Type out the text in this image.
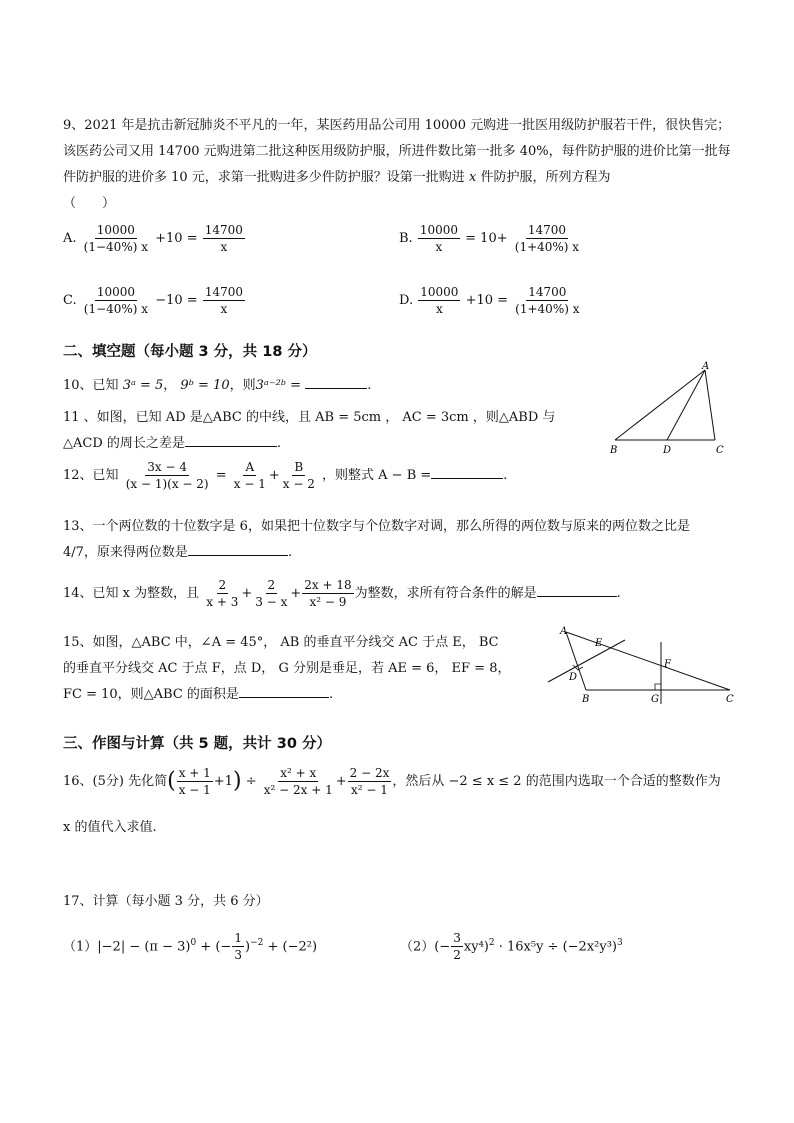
9、2021 年是抗击新冠肺炎不平凡的一年，某医药用品公司用 10000 元购进一批医用级防护服若干件，很快售完；该医药公司又用 14700 元购进第二批这种医用级防护服，所进件数比第一批多 40%，每件防护服的进价比第一批每件防护服的进价多 10 元，求第一批购进多少件防护服？设第一批购进 x 件防护服，所列方程为
（　　）
A. $\frac{10000}{(1-40\%) x} +10 = \frac{14700}{x}$	B. $\frac{10000}{x} = 10+ \frac{14700}{(1+40\%) x}$
C. $\frac{10000}{(1-40\%) x} -10 = \frac{14700}{x}$	D. $\frac{10000}{x} +10 = \frac{14700}{(1+40\%) x}$
二、填空题（每小题 3 分，共 18 分）
10、已知 3ᵃ = 5， 9ᵇ = 10，则3ᵃ⁻²ᵇ =	.
11 、如图，已知 AD 是△ABC 的中线，且 AB = 5cm ， AC = 3cm ，则△ABD 与
△ACD 的周长之差是	.
A
B	D	C
12、已知 $\frac{3x - 4}{(x - 1)(x - 2)} = \frac{A}{x - 1} + \frac{B}{x - 2}$ ，则整式 A − B =	.
13、一个两位数的十位数字是 6，如果把十位数字与个位数字对调，那么所得的两位数与原来的两位数之比是
4/7，原来得两位数是	.
14、已知 x 为整数，且 $\frac{2}{x + 3} + \frac{2}{3 - x} + \frac{2x + 18}{\text{x² − 9}}$ 为整数，求所有符合条件的解是	.
15、如图，△ABC 中，∠A = 45°， AB 的垂直平分线交 AC 于点 E， BC
的垂直平分线交 AC 于点 F，点 D， G 分别是垂足，若 AE = 6， EF = 8，
FC = 10，则△ABC 的面积是	.
A
E
D
F
B	G	C
三、作图与计算（共 5 题，共计 30 分）
16、(5分) 先化简( $\frac{x + 1}{x - 1} +1) \div \frac{\text{x² + x}}{\text{x² − 2x + 1}} + \frac{2 - 2x}{\text{x² − 1}}$ ，然后从 −2 ≤ x ≤ 2 的范围内选取一个合适的整数作为
x 的值代入求值.
17、计算（每小题 3 分，共 6 分）
$(1)|-2| - (\pi - 3)^0$ + (− $\frac{1}{3} )^{-2} + (-2^2)$	$(2)(- \frac{3}{2} xy^4)^2 \cdot 16x^5y \div (-2x^2y^3)^3$
